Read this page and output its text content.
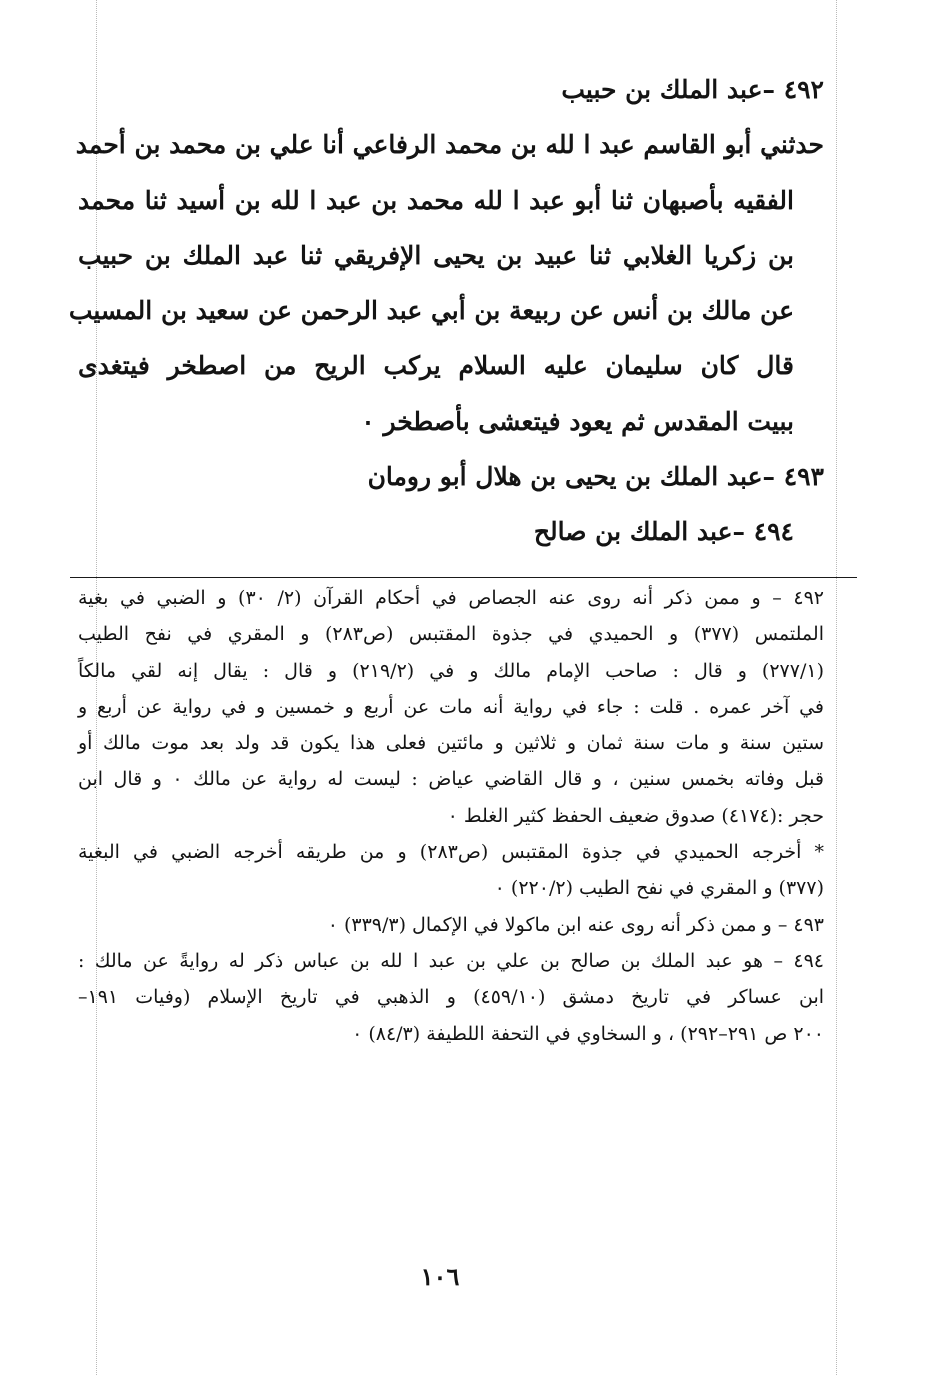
٤٩٢ –عبد الملك بن حبيب
حدثني أبو القاسم عبد ا لله بن محمد الرفاعي أنا علي بن محمد بن أحمد
الفقيه بأصبهان ثنا أبو عبد ا لله محمد بن عبد ا لله بن أسيد ثنا محمد
بن زكريا الغلابي ثنا عبيد بن يحيى الإفريقي ثنا عبد الملك بن حبيب
عن مالك بن أنس عن ربيعة بن أبي عبد الرحمن عن سعيد بن المسيب
قال كان سليمان عليه السلام يركب الريح من اصطخر فيتغدى
ببيت المقدس ثم يعود فيتعشى بأصطخر ٠
٤٩٣ –عبد الملك بن يحيى بن هلال أبو رومان
٤٩٤ –عبد الملك بن صالح
٤٩٢ – و ممن ذكر أنه روى عنه الجصاص في أحكام القرآن (٢/ ٣٠) و الضبي في بغية
الملتمس (٣٧٧) و الحميدي في جذوة المقتبس (ص٢٨٣) و المقري في نفح الطيب
(٢٧٧/١) و قال : صاحب الإمام مالك و في (٢١٩/٢) و قال : يقال إنه لقي مالكاً
في آخر عمره . قلت : جاء في رواية أنه مات عن أربع و خمسين و في رواية عن أربع و
ستين سنة و مات سنة ثمان و ثلاثين و مائتين فعلى هذا يكون قد ولد بعد موت مالك أو
قبل وفاته بخمس سنين ، و قال القاضي عياض : ليست له رواية عن مالك ٠ و قال ابن
حجر :(٤١٧٤) صدوق ضعيف الحفظ كثير الغلط ٠
* أخرجه الحميدي في جذوة المقتبس (ص٢٨٣) و من طريقه أخرجه الضبي في البغية
(٣٧٧) و المقري في نفح الطيب (٢٢٠/٢) ٠
٤٩٣ – و ممن ذكر أنه روى عنه ابن ماكولا في الإكمال (٣٣٩/٣) ٠
٤٩٤ – هو عبد الملك بن صالح بن علي بن عبد ا لله بن عباس ذكر له روايةً عن مالك :
ابن عساكر في تاريخ دمشق (٤٥٩/١٠) و الذهبي في تاريخ الإسلام (وفيات ١٩١–
٢٠٠ ص ٢٩١–٢٩٢) ، و السخاوي في التحفة اللطيفة (٨٤/٣) ٠
١٠٦
